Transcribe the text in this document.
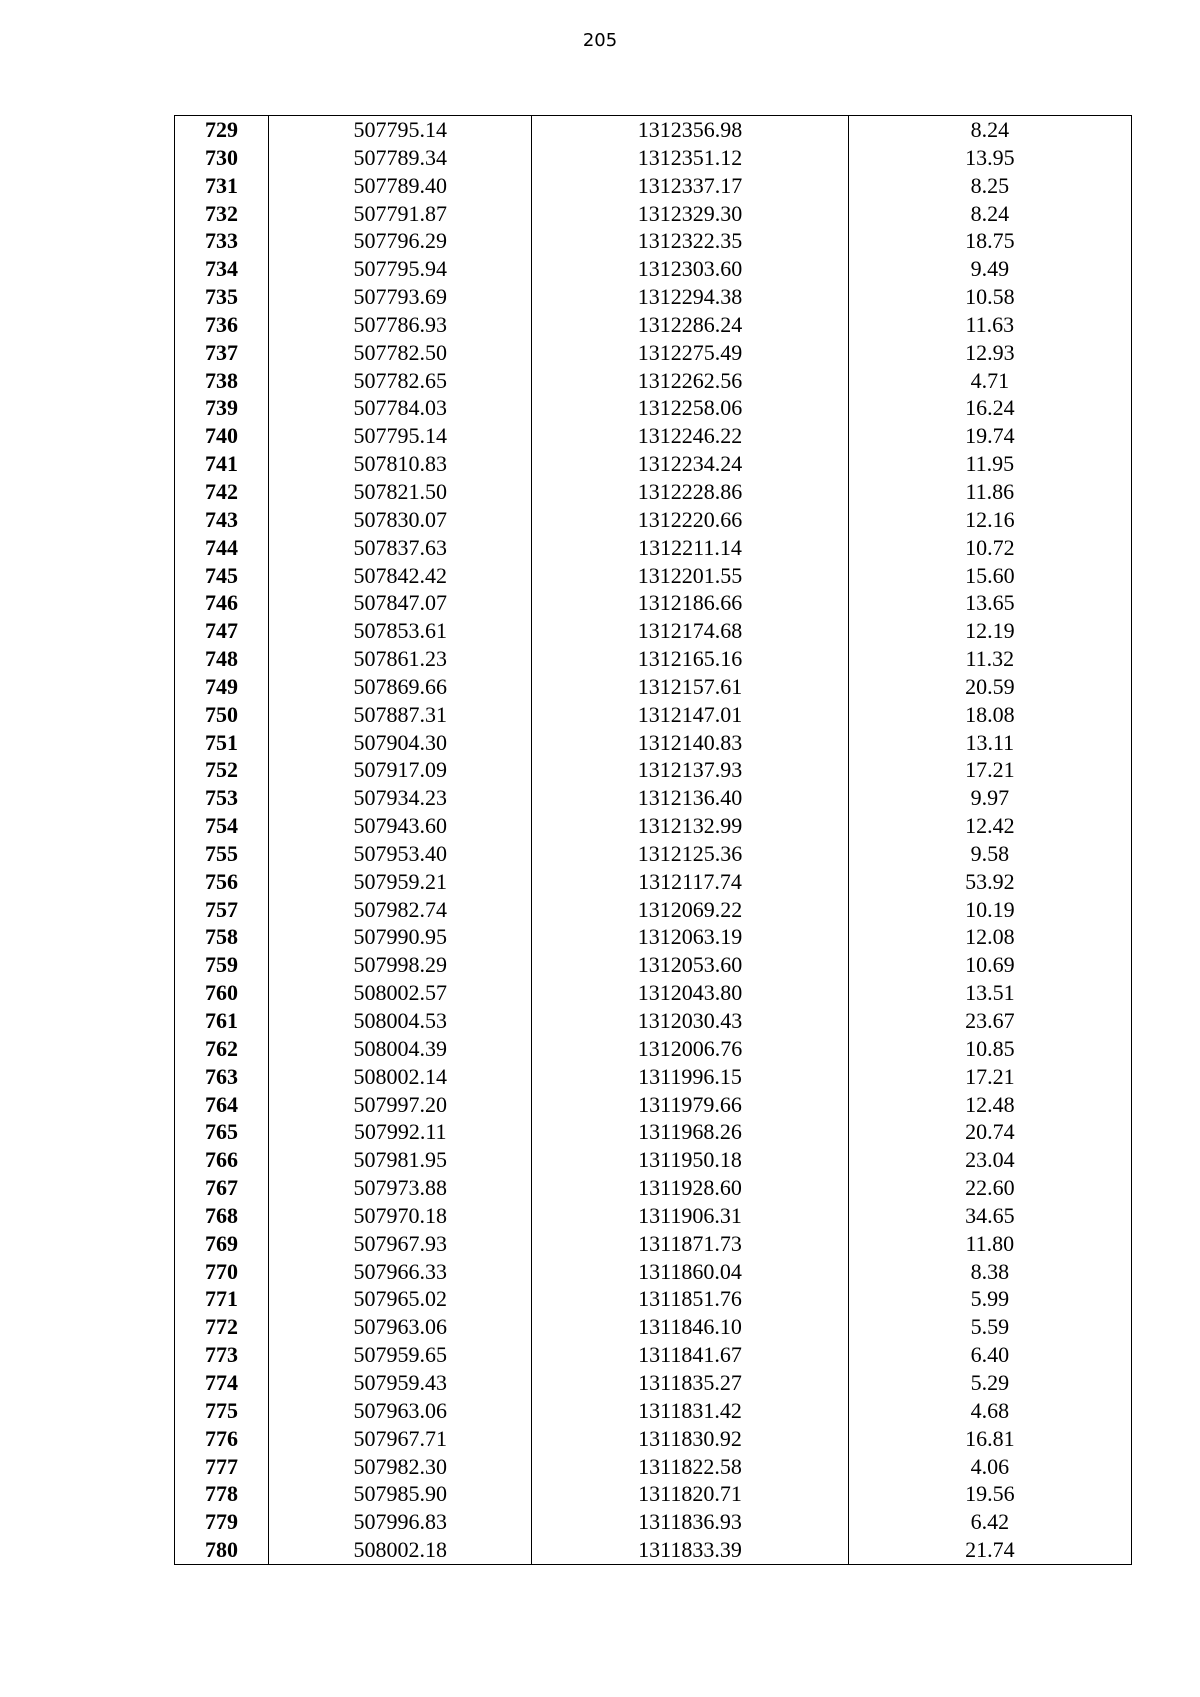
205
729	507795.14	1312356.98	8.24
730	507789.34	1312351.12	13.95
731	507789.40	1312337.17	8.25
732	507791.87	1312329.30	8.24
733	507796.29	1312322.35	18.75
734	507795.94	1312303.60	9.49
735	507793.69	1312294.38	10.58
736	507786.93	1312286.24	11.63
737	507782.50	1312275.49	12.93
738	507782.65	1312262.56	4.71
739	507784.03	1312258.06	16.24
740	507795.14	1312246.22	19.74
741	507810.83	1312234.24	11.95
742	507821.50	1312228.86	11.86
743	507830.07	1312220.66	12.16
744	507837.63	1312211.14	10.72
745	507842.42	1312201.55	15.60
746	507847.07	1312186.66	13.65
747	507853.61	1312174.68	12.19
748	507861.23	1312165.16	11.32
749	507869.66	1312157.61	20.59
750	507887.31	1312147.01	18.08
751	507904.30	1312140.83	13.11
752	507917.09	1312137.93	17.21
753	507934.23	1312136.40	9.97
754	507943.60	1312132.99	12.42
755	507953.40	1312125.36	9.58
756	507959.21	1312117.74	53.92
757	507982.74	1312069.22	10.19
758	507990.95	1312063.19	12.08
759	507998.29	1312053.60	10.69
760	508002.57	1312043.80	13.51
761	508004.53	1312030.43	23.67
762	508004.39	1312006.76	10.85
763	508002.14	1311996.15	17.21
764	507997.20	1311979.66	12.48
765	507992.11	1311968.26	20.74
766	507981.95	1311950.18	23.04
767	507973.88	1311928.60	22.60
768	507970.18	1311906.31	34.65
769	507967.93	1311871.73	11.80
770	507966.33	1311860.04	8.38
771	507965.02	1311851.76	5.99
772	507963.06	1311846.10	5.59
773	507959.65	1311841.67	6.40
774	507959.43	1311835.27	5.29
775	507963.06	1311831.42	4.68
776	507967.71	1311830.92	16.81
777	507982.30	1311822.58	4.06
778	507985.90	1311820.71	19.56
779	507996.83	1311836.93	6.42
780	508002.18	1311833.39	21.74
